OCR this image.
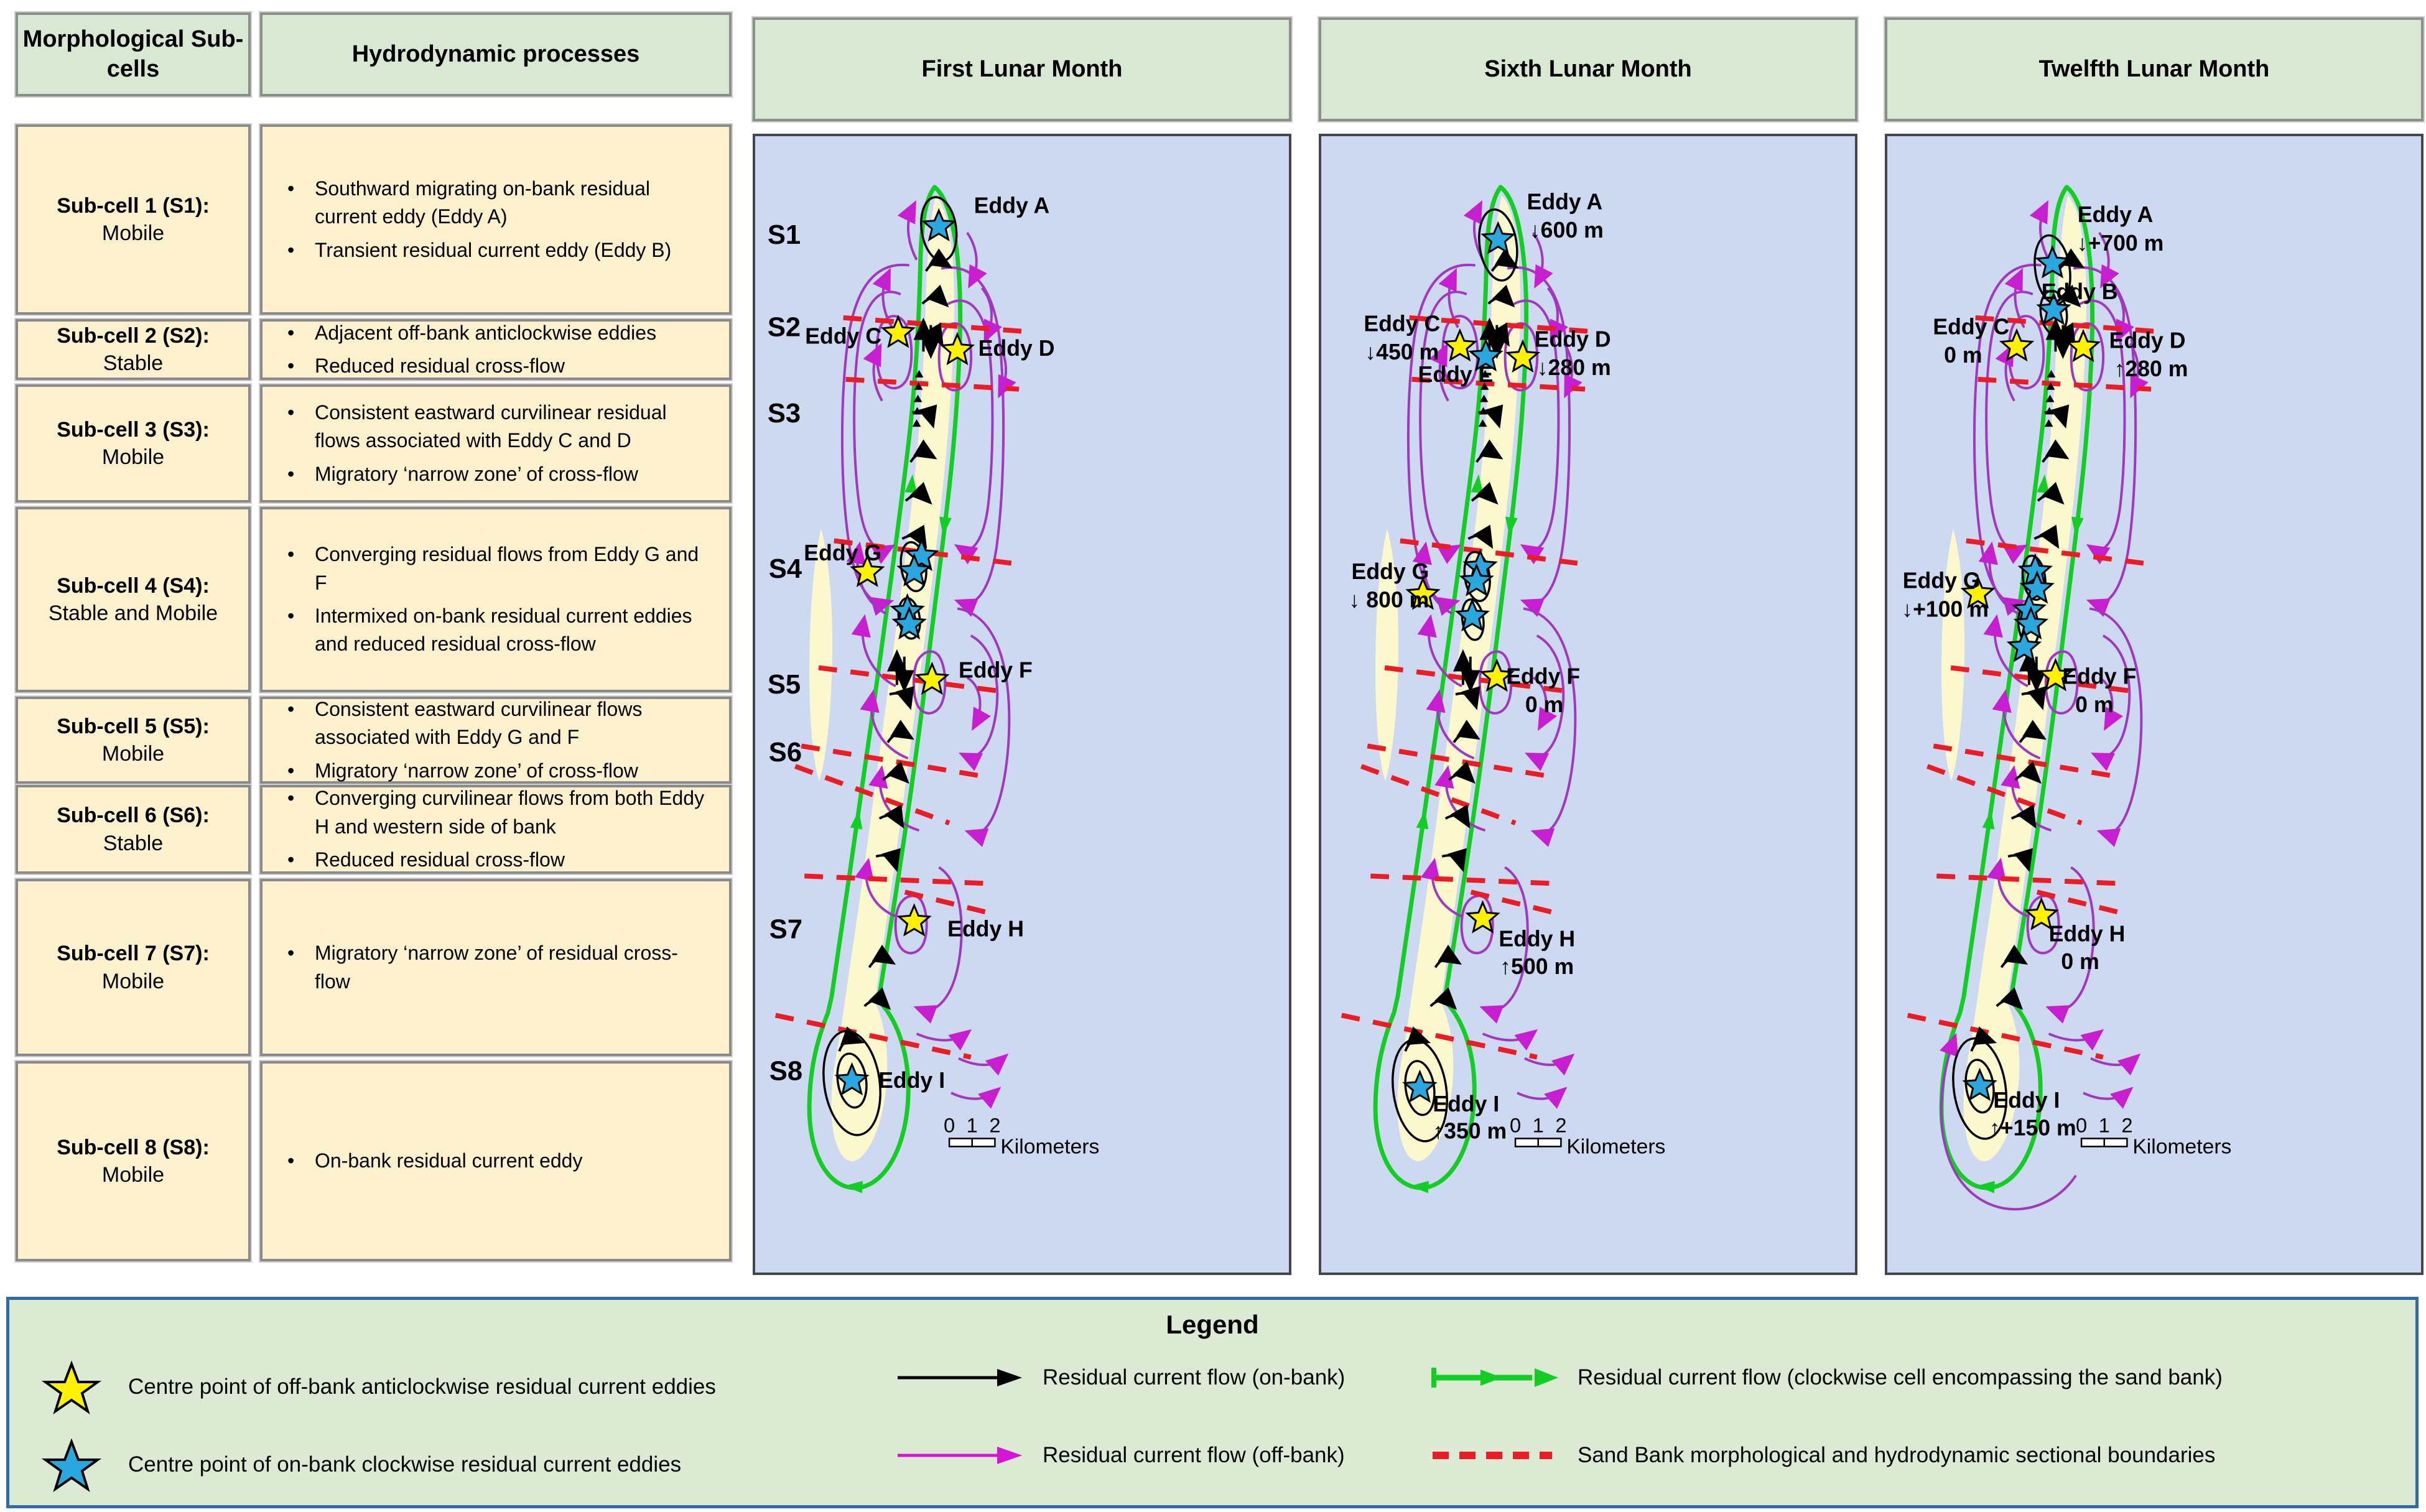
Morphological Sub-cells
Hydrodynamic processes
Sub-cell 1 (S1):
Mobile
•	Southward migrating on-bank residual current eddy (Eddy A)
•	Transient residual current eddy (Eddy B)
Sub-cell 2 (S2):
Stable
•	Adjacent off-bank anticlockwise eddies
•	Reduced residual cross-flow
Sub-cell 3 (S3):
Mobile
•	Consistent eastward curvilinear residual flows associated with Eddy C and D
•	Migratory ‘narrow zone’ of cross-flow
Sub-cell 4 (S4):
Stable and Mobile
•	Converging residual flows from Eddy G and F
•	Intermixed on-bank residual current eddies and reduced residual cross-flow
Sub-cell 5 (S5):
Mobile
•	Consistent eastward curvilinear flows associated with Eddy G and F
•	Migratory ‘narrow zone’ of cross-flow
Sub-cell 6 (S6):
Stable
•	Converging curvilinear flows from both Eddy H and western side of bank
•	Reduced residual cross-flow
Sub-cell 7 (S7):
Mobile
•	Migratory ‘narrow zone’ of residual cross-flow
Sub-cell 8 (S8):
Mobile
•	On-bank residual current eddy
First Lunar Month	Sixth Lunar Month	Twelfth Lunar Month
S1
S2
S3
S4
S5
S6
S7
S8
Eddy A
Eddy C	Eddy D
Eddy G
Eddy F
Eddy H
Eddy I
0 1 2
Kilometers
Eddy A
↓600 m
Eddy C
↓450 m
Eddy E
Eddy D
↓280 m
Eddy G
↓ 800 m
Eddy F
0 m
Eddy H
↑500 m
Eddy I
↑350 m 0 1 2
Kilometers
Eddy A
↓+700 m
Eddy B
Eddy C
0 m
Eddy D
↑280 m
Eddy G
↓+100 m
Eddy F
0 m
Eddy H
0 m
Eddy I
↑+150 m 0 1 2
Kilometers
Legend
Centre point of off-bank anticlockwise residual current eddies
Centre point of on-bank clockwise residual current eddies
Residual current flow (on-bank)
Residual current flow (off-bank)
Residual current flow (clockwise cell encompassing the sand bank)
Sand Bank morphological and hydrodynamic sectional boundaries
